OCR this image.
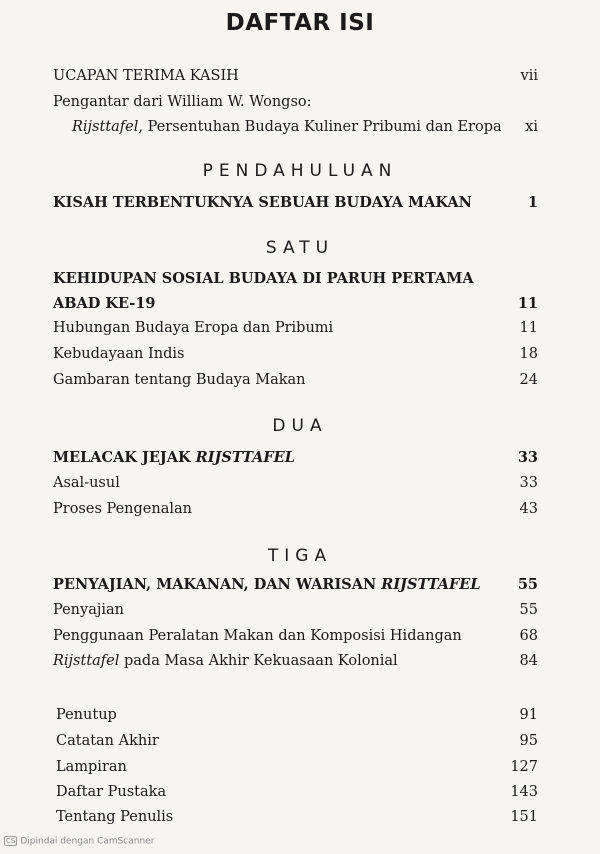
DAFTAR ISI
UCAPAN TERIMA KASIH	vii
Pengantar dari William W. Wongso:
Rijsttafel, Persentuhan Budaya Kuliner Pribumi dan Eropa xi
PENDAHULUAN
KISAH TERBENTUKNYA SEBUAH BUDAYA MAKAN	1
SATU
KEHIDUPAN SOSIAL BUDAYA DI PARUH PERTAMA
ABAD KE-19	11
Hubungan Budaya Eropa dan Pribumi	11
Kebudayaan Indis	18
Gambaran tentang Budaya Makan	24
DUA
MELACAK JEJAK RIJSTTAFEL	33
Asal-usul	33
Proses Pengenalan	43
TIGA
PENYAJIAN, MAKANAN, DAN WARISAN RIJSTTAFEL	55
Penyajian	55
Penggunaan Peralatan Makan dan Komposisi Hidangan	68
Rijsttafel pada Masa Akhir Kekuasaan Kolonial	84
Penutup	91
Catatan Akhir	95
Lampiran	127
Daftar Pustaka	143
Tentang Penulis	151
CS Dipindai dengan CamScanner
